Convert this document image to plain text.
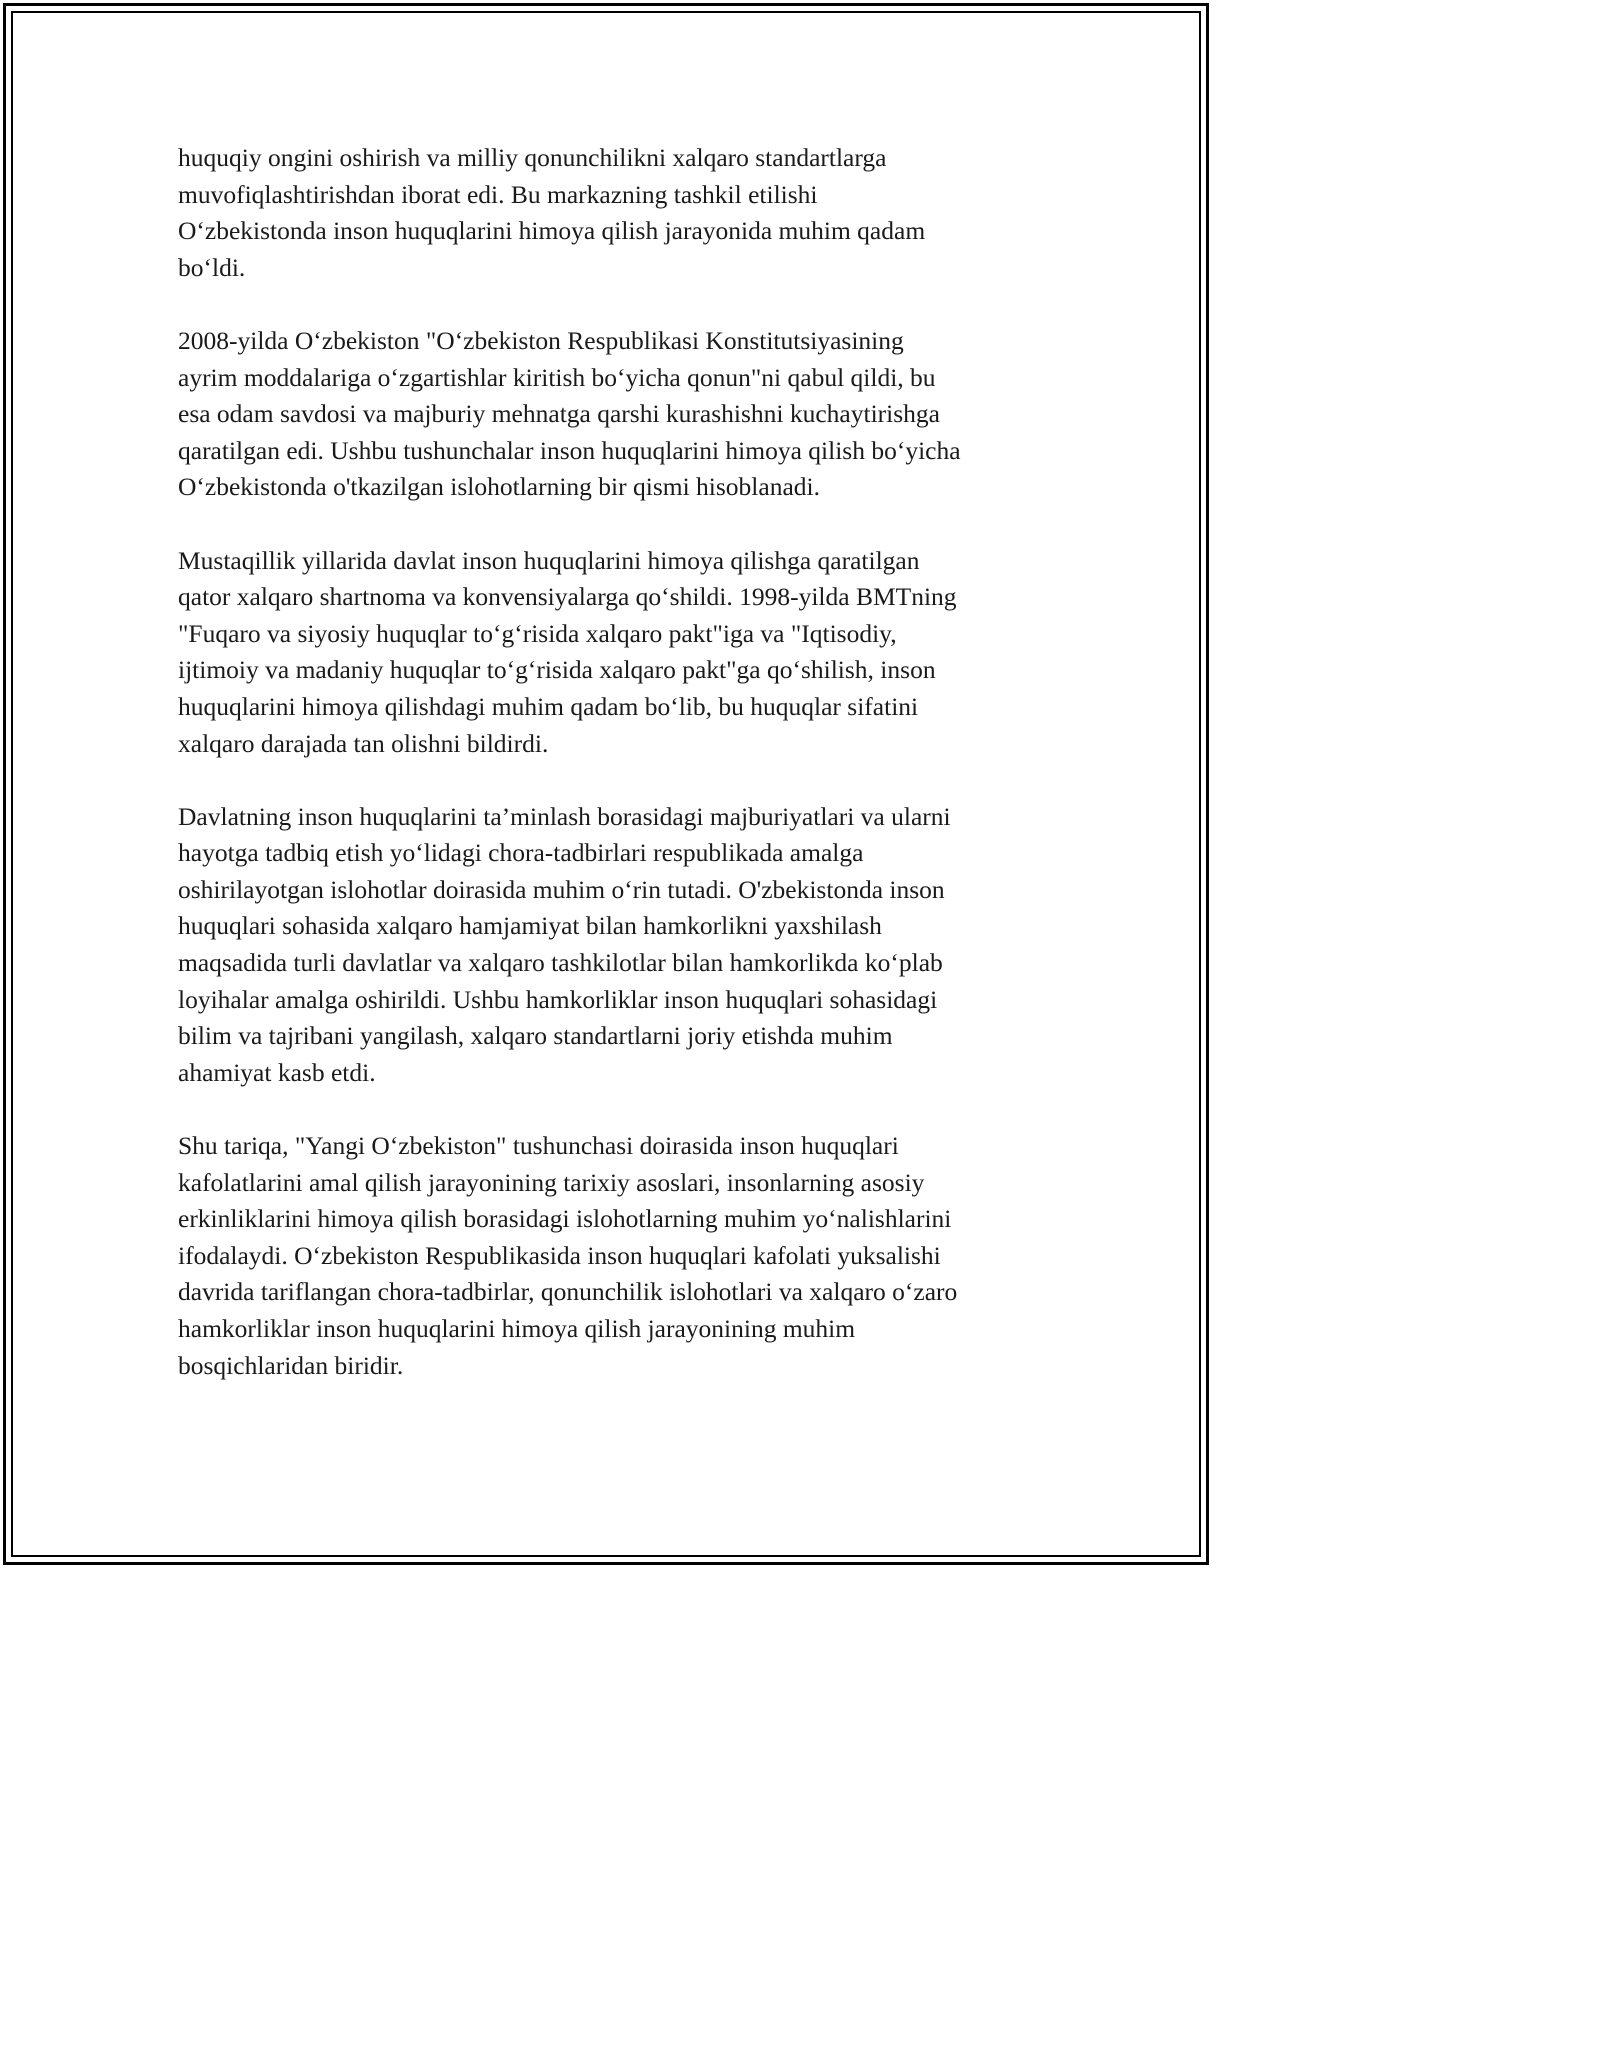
huquqiy ongini oshirish va milliy qonunchilikni xalqaro standartlarga
muvofiqlashtirishdan iborat edi. Bu markazning tashkil etilishi
O‘zbekistonda inson huquqlarini himoya qilish jarayonida muhim qadam
bo‘ldi.

2008-yilda O‘zbekiston "O‘zbekiston Respublikasi Konstitutsiyasining
ayrim moddalariga o‘zgartishlar kiritish bo‘yicha qonun"ni qabul qildi, bu
esa odam savdosi va majburiy mehnatga qarshi kurashishni kuchaytirishga
qaratilgan edi. Ushbu tushunchalar inson huquqlarini himoya qilish bo‘yicha
O‘zbekistonda o'tkazilgan islohotlarning bir qismi hisoblanadi.

Mustaqillik yillarida davlat inson huquqlarini himoya qilishga qaratilgan
qator xalqaro shartnoma va konvensiyalarga qo‘shildi. 1998-yilda BMTning
"Fuqaro va siyosiy huquqlar to‘g‘risida xalqaro pakt"iga va "Iqtisodiy,
ijtimoiy va madaniy huquqlar to‘g‘risida xalqaro pakt"ga qo‘shilish, inson
huquqlarini himoya qilishdagi muhim qadam bo‘lib, bu huquqlar sifatini
xalqaro darajada tan olishni bildirdi.

Davlatning inson huquqlarini ta’minlash borasidagi majburiyatlari va ularni
hayotga tadbiq etish yo‘lidagi chora-tadbirlari respublikada amalga
oshirilayotgan islohotlar doirasida muhim o‘rin tutadi. O'zbekistonda inson
huquqlari sohasida xalqaro hamjamiyat bilan hamkorlikni yaxshilash
maqsadida turli davlatlar va xalqaro tashkilotlar bilan hamkorlikda ko‘plab
loyihalar amalga oshirildi. Ushbu hamkorliklar inson huquqlari sohasidagi
bilim va tajribani yangilash, xalqaro standartlarni joriy etishda muhim
ahamiyat kasb etdi.

Shu tariqa, "Yangi O‘zbekiston" tushunchasi doirasida inson huquqlari
kafolatlarini amal qilish jarayonining tarixiy asoslari, insonlarning asosiy
erkinliklarini himoya qilish borasidagi islohotlarning muhim yo‘nalishlarini
ifodalaydi. O‘zbekiston Respublikasida inson huquqlari kafolati yuksalishi
davrida tariflangan chora-tadbirlar, qonunchilik islohotlari va xalqaro o‘zaro
hamkorliklar inson huquqlarini himoya qilish jarayonining muhim
bosqichlaridan biridir.
